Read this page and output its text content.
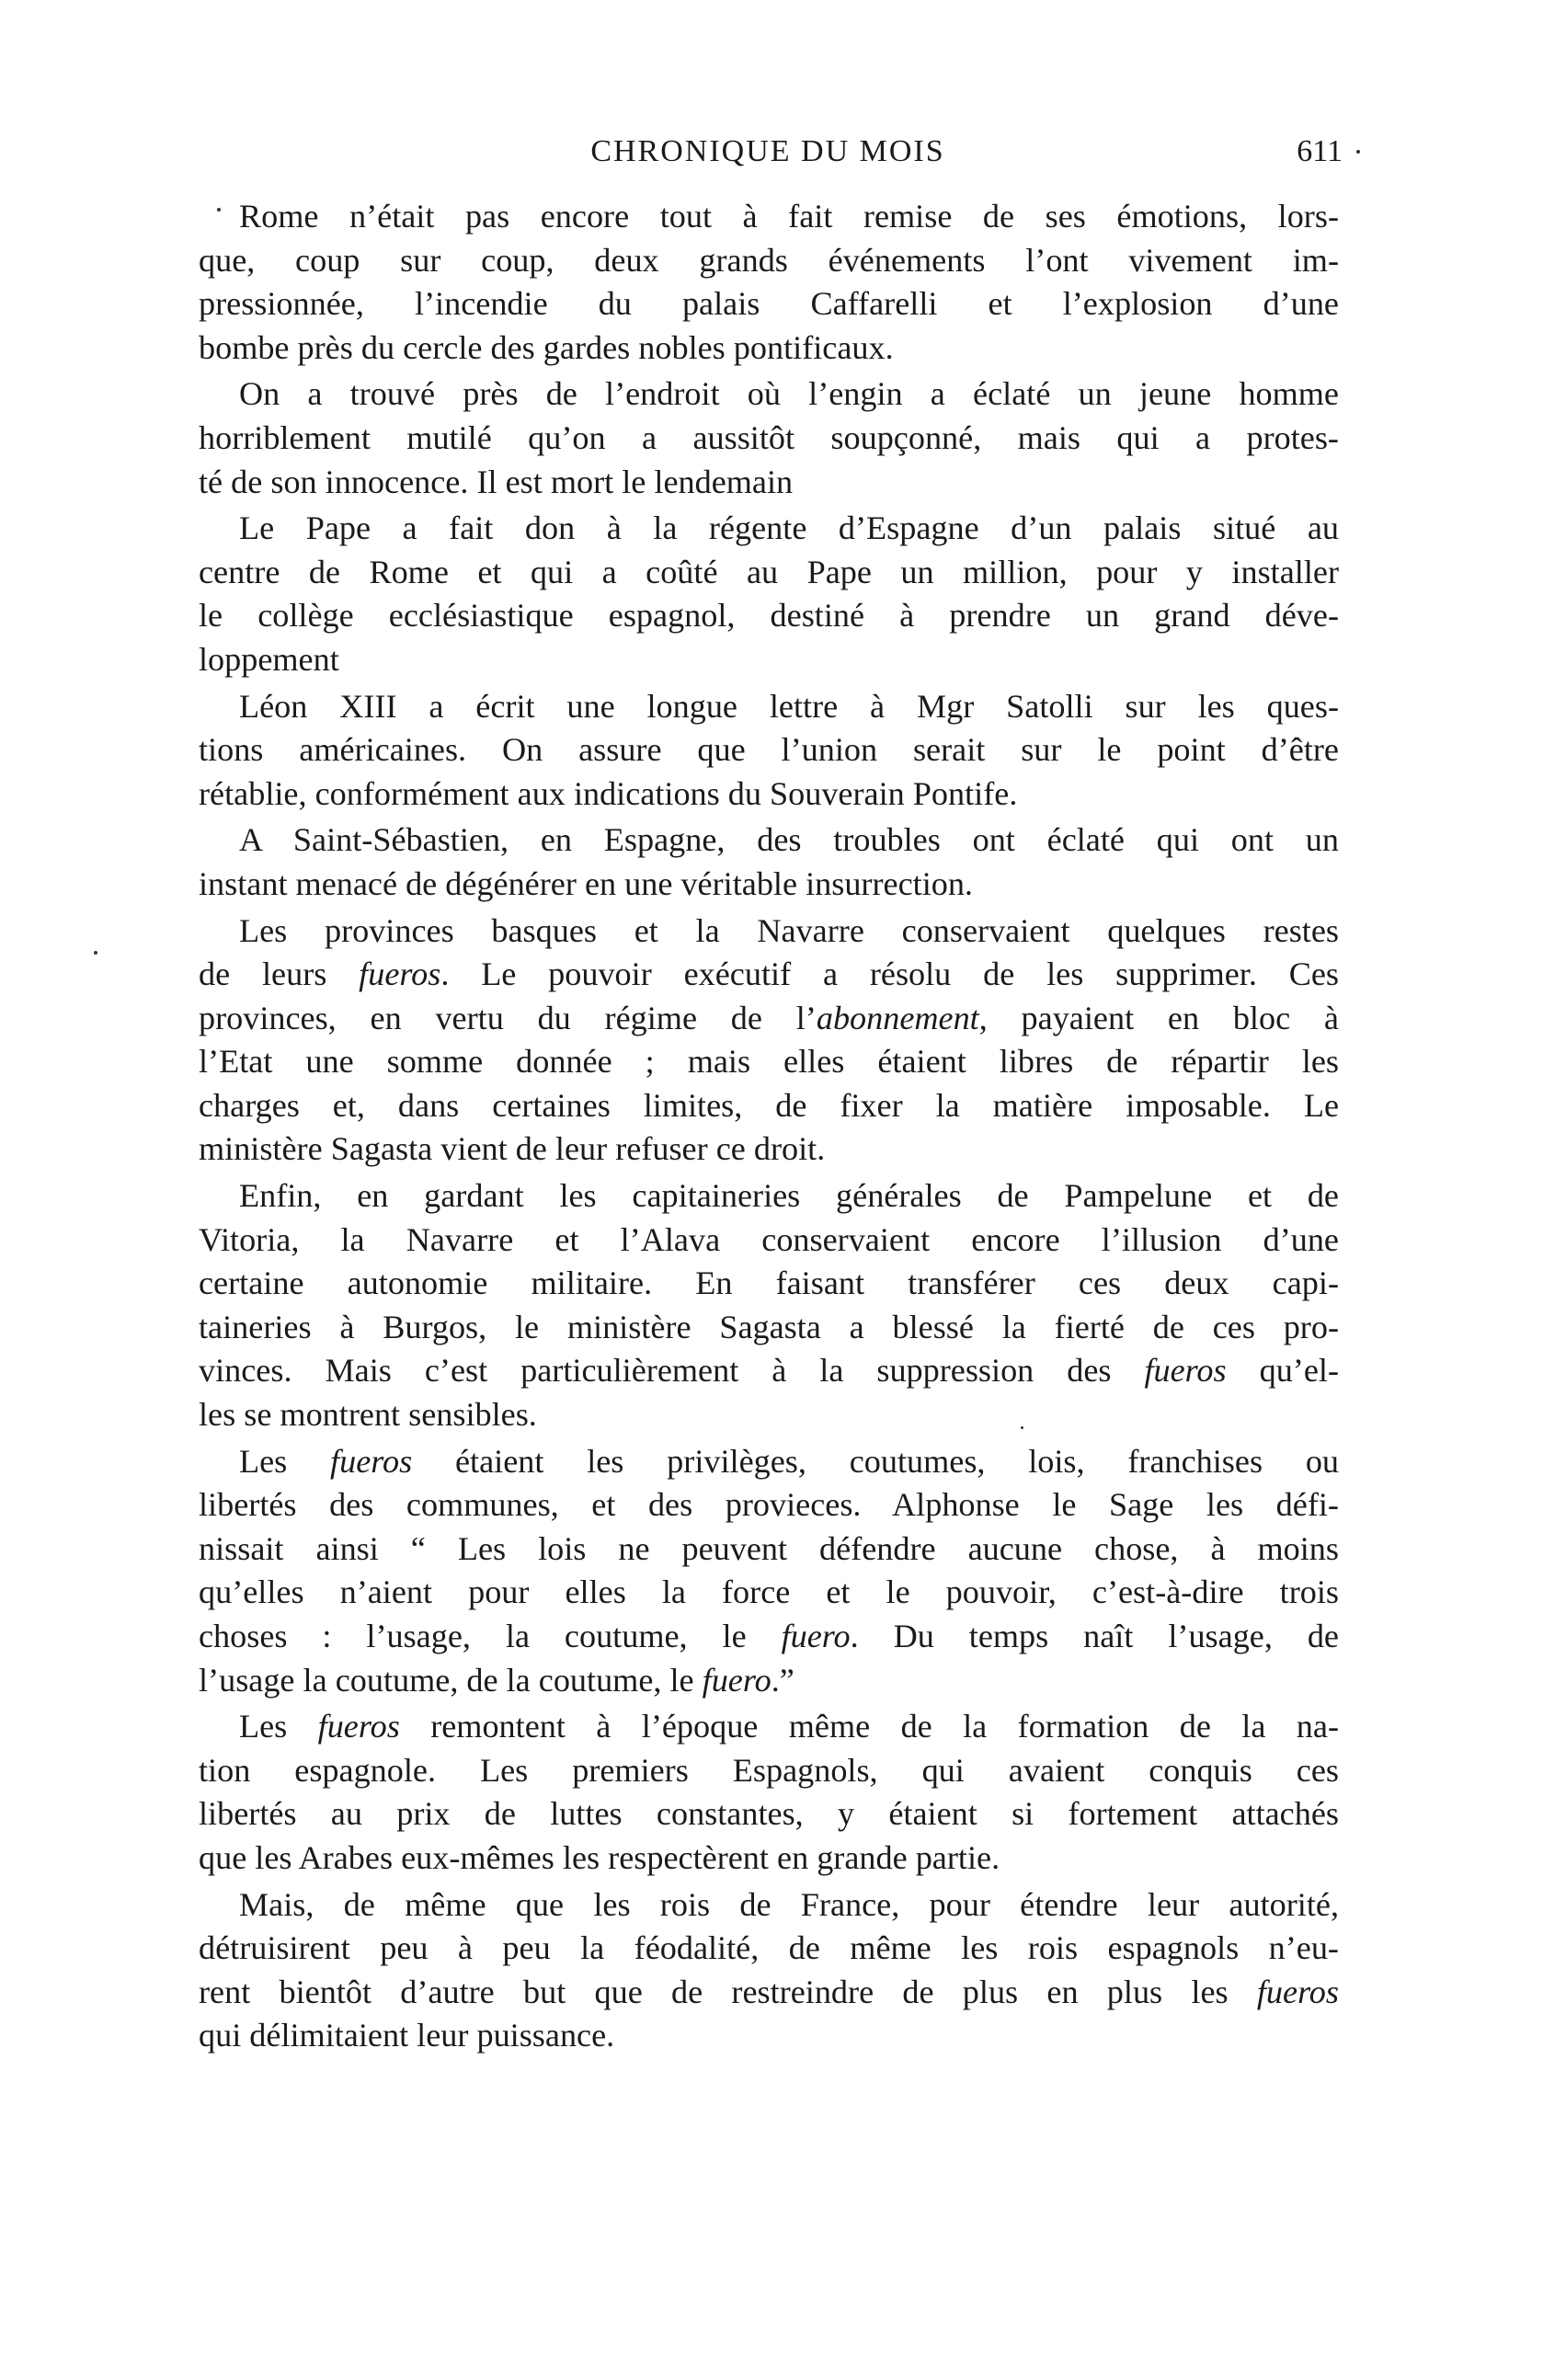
CHRONIQUE DU MOIS	611

Rome n’était pas encore tout à fait remise de ses émotions, lors-
que, coup sur coup, deux grands événements l’ont vivement im-
pressionnée, l’incendie du palais Caffarelli et l’explosion d’une
bombe près du cercle des gardes nobles pontificaux.

On a trouvé près de l’endroit où l’engin a éclaté un jeune homme
horriblement mutilé qu’on a aussitôt soupçonné, mais qui a protes-
té de son innocence. Il est mort le lendemain

Le Pape a fait don à la régente d’Espagne d’un palais situé au
centre de Rome et qui a coûté au Pape un million, pour y installer
le collège ecclésiastique espagnol, destiné à prendre un grand déve-
loppement

Léon XIII a écrit une longue lettre à Mgr Satolli sur les ques-
tions américaines. On assure que l’union serait sur le point d’être
rétablie, conformément aux indications du Souverain Pontife.

A Saint-Sébastien, en Espagne, des troubles ont éclaté qui ont un
instant menacé de dégénérer en une véritable insurrection.

Les provinces basques et la Navarre conservaient quelques restes
de leurs fueros. Le pouvoir exécutif a résolu de les supprimer. Ces
provinces, en vertu du régime de l’abonnement, payaient en bloc à
l’Etat une somme donnée ; mais elles étaient libres de répartir les
charges et, dans certaines limites, de fixer la matière imposable. Le
ministère Sagasta vient de leur refuser ce droit.

Enfin, en gardant les capitaineries générales de Pampelune et de
Vitoria, la Navarre et l’Alava conservaient encore l’illusion d’une
certaine autonomie militaire. En faisant transférer ces deux capi-
taineries à Burgos, le ministère Sagasta a blessé la fierté de ces pro-
vinces. Mais c’est particulièrement à la suppression des fueros qu’el-
les se montrent sensibles.

Les fueros étaient les privilèges, coutumes, lois, franchises ou
libertés des communes, et des provieces. Alphonse le Sage les défi-
nissait ainsi “ Les lois ne peuvent défendre aucune chose, à moins
qu’elles n’aient pour elles la force et le pouvoir, c’est-à-dire trois
choses : l’usage, la coutume, le fuero. Du temps naît l’usage, de
l’usage la coutume, de la coutume, le fuero.”

Les fueros remontent à l’époque même de la formation de la na-
tion espagnole. Les premiers Espagnols, qui avaient conquis ces
libertés au prix de luttes constantes, y étaient si fortement attachés
que les Arabes eux-mêmes les respectèrent en grande partie.

Mais, de même que les rois de France, pour étendre leur autorité,
détruisirent peu à peu la féodalité, de même les rois espagnols n’eu-
rent bientôt d’autre but que de restreindre de plus en plus les fueros
qui délimitaient leur puissance.
